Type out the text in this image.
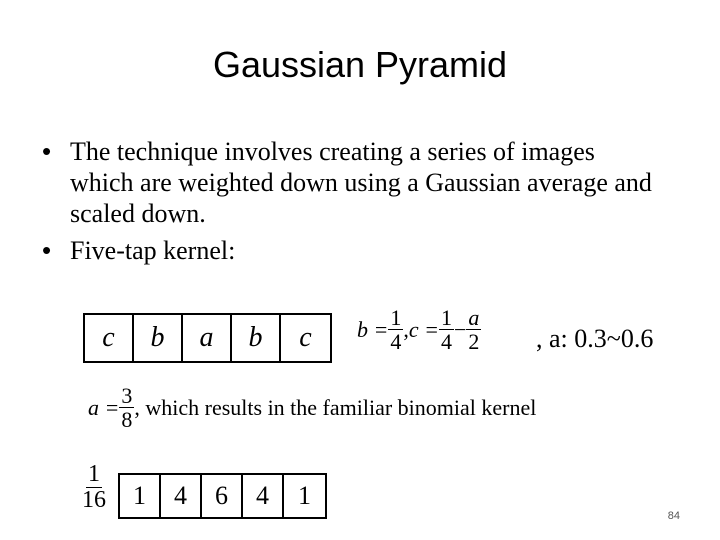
Gaussian Pyramid
• The technique involves creating a series of images which are weighted down using a Gaussian average and scaled down.
• Five-tap kernel:
c	b	a	b	c	$b = \frac{1}{4}$ , $c = \frac{1}{4} - \frac{a}{2}$ , a: 0.3~0.6
$a = \frac{3}{8}$ , which results in the familiar binomial kernel
$\frac{1}{16}$	1	4	6	4	1
84
